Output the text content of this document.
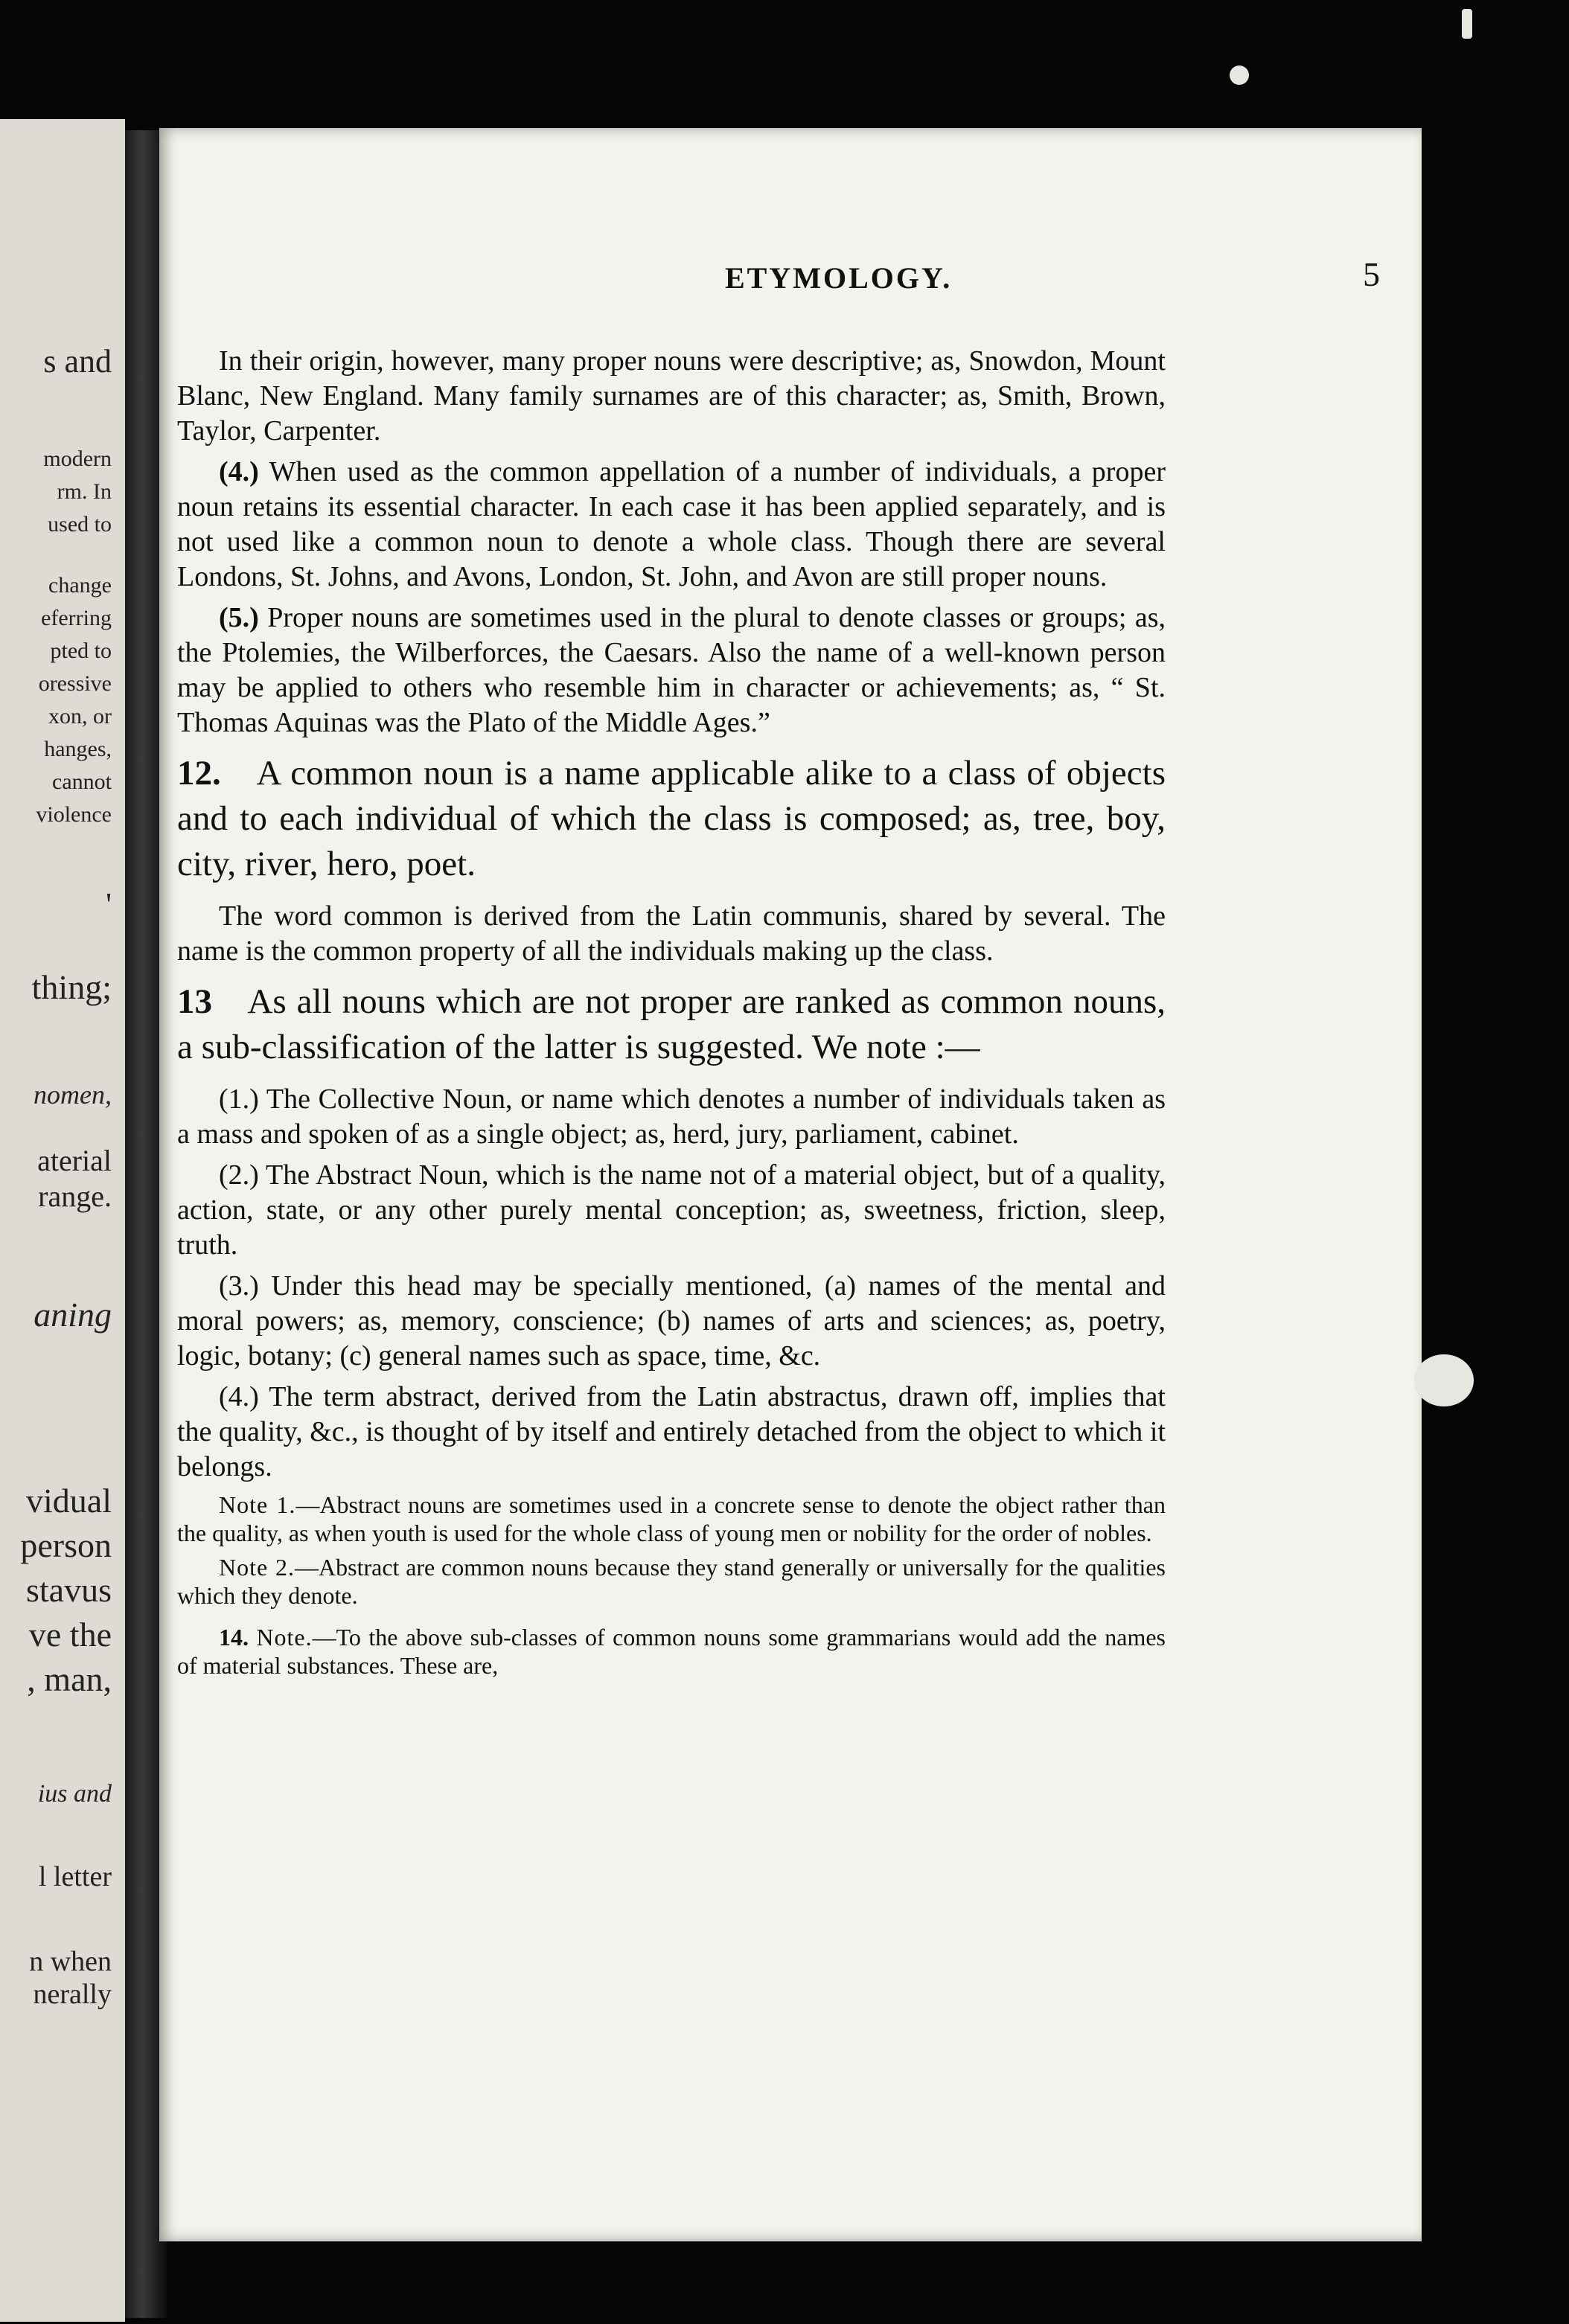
s and
modern
rm. In
used to
change
eferring
pted to
oressive
xon, or
hanges,
cannot
violence
'
thing;
nomen,
aterial
range.
aning
vidual
person
stavus
ve the
, man,
ius and
l letter
n when
nerally
ETYMOLOGY.	5

In their origin, however, many proper nouns were descriptive; as, Snowdon, Mount Blanc, New England. Many family surnames are of this character; as, Smith, Brown, Taylor, Carpenter.

(4.) When used as the common appellation of a number of individuals, a proper noun retains its essential character. In each case it has been applied separately, and is not used like a common noun to denote a whole class. Though there are several Londons, St. Johns, and Avons, London, St. John, and Avon are still proper nouns.

(5.) Proper nouns are sometimes used in the plural to denote classes or groups; as, the Ptolemies, the Wilberforces, the Caesars. Also the name of a well-known person may be applied to others who resemble him in character or achievements; as, “ St. Thomas Aquinas was the Plato of the Middle Ages.”

12. A common noun is a name applicable alike to a class of objects and to each individual of which the class is composed; as, tree, boy, city, river, hero, poet.

The word common is derived from the Latin communis, shared by several. The name is the common property of all the individuals making up the class.

13 As all nouns which are not proper are ranked as common nouns, a sub-classification of the latter is suggested. We note :—

(1.) The Collective Noun, or name which denotes a number of individuals taken as a mass and spoken of as a single object; as, herd, jury, parliament, cabinet.

(2.) The Abstract Noun, which is the name not of a material object, but of a quality, action, state, or any other purely mental conception; as, sweetness, friction, sleep, truth.

(3.) Under this head may be specially mentioned, (a) names of the mental and moral powers; as, memory, conscience; (b) names of arts and sciences; as, poetry, logic, botany; (c) general names such as space, time, &c.

(4.) The term abstract, derived from the Latin abstractus, drawn off, implies that the quality, &c., is thought of by itself and entirely detached from the object to which it belongs.

Note 1.—Abstract nouns are sometimes used in a concrete sense to denote the object rather than the quality, as when youth is used for the whole class of young men or nobility for the order of nobles.

Note 2.—Abstract are common nouns because they stand generally or universally for the qualities which they denote.

14. Note.—To the above sub-classes of common nouns some grammarians would add the names of material substances. These are,
